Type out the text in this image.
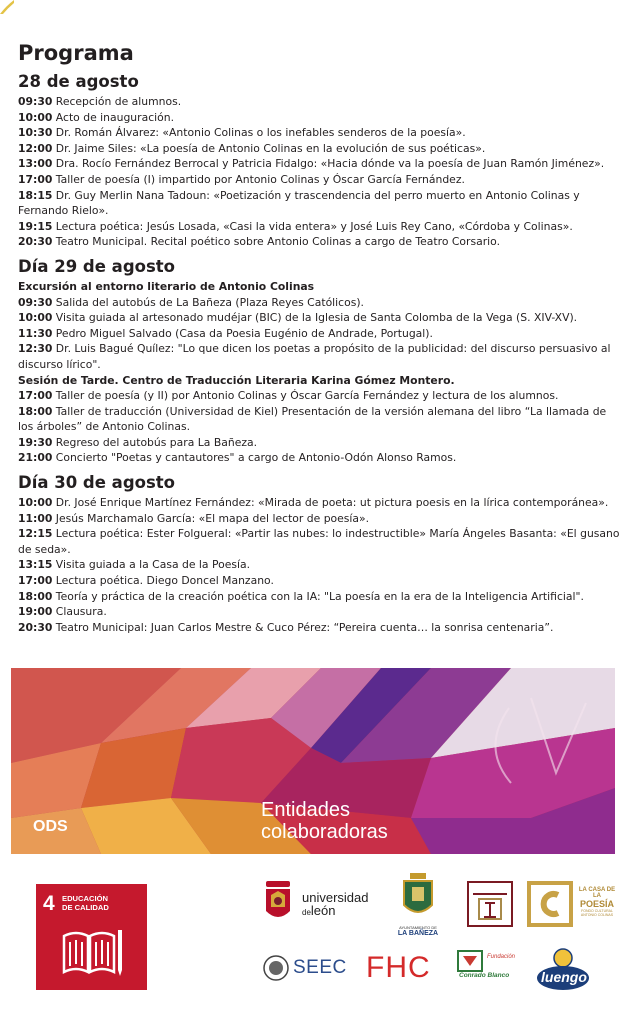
Programa
28 de agosto
09:30 Recepción de alumnos.
10:00 Acto de inauguración.
10:30 Dr. Román Álvarez: «Antonio Colinas o los inefables senderos de la poesía».
12:00 Dr. Jaime Siles: «La poesía de Antonio Colinas en la evolución de sus poéticas».
13:00 Dra. Rocío Fernández Berrocal y Patricia Fidalgo: «Hacia dónde va la poesía de Juan Ramón Jiménez».
17:00 Taller de poesía (I) impartido por Antonio Colinas y Óscar García Fernández.
18:15 Dr. Guy Merlin Nana Tadoun: «Poetización y trascendencia del perro muerto en Antonio Colinas y Fernando Rielo».
19:15 Lectura poética: Jesús Losada, «Casi la vida entera» y José Luis Rey Cano, «Córdoba y Colinas».
20:30 Teatro Municipal. Recital poético sobre Antonio Colinas a cargo de Teatro Corsario.
Día 29 de agosto
Excursión al entorno literario de Antonio Colinas
09:30 Salida del autobús de La Bañeza (Plaza Reyes Católicos).
10:00 Visita guiada al artesonado mudéjar (BIC) de la Iglesia de Santa Colomba de la Vega (S. XIV-XV).
11:30 Pedro Miguel Salvado (Casa da Poesia Eugénio de Andrade, Portugal).
12:30 Dr. Luis Bagué Quílez: "Lo que dicen los poetas a propósito de la publicidad: del discurso persuasivo al discurso lírico".
Sesión de Tarde. Centro de Traducción Literaria Karina Gómez Montero.
17:00 Taller de poesía (y II) por Antonio Colinas y Óscar García Fernández y lectura de los alumnos.
18:00 Taller de traducción (Universidad de Kiel) Presentación de la versión alemana del libro “La llamada de los árboles” de Antonio Colinas.
19:30 Regreso del autobús para La Bañeza.
21:00 Concierto "Poetas y cantautores" a cargo de Antonio-Odón Alonso Ramos.
Día 30 de agosto
10:00 Dr. José Enrique Martínez Fernández: «Mirada de poeta: ut pictura poesis en la lírica contemporánea».
11:00 Jesús Marchamalo García: «El mapa del lector de poesía».
12:15 Lectura poética: Ester Folgueral: «Partir las nubes: lo indestructible» María Ángeles Basanta: «El gusano de seda».
13:15 Visita guiada a la Casa de la Poesía.
17:00 Lectura poética. Diego Doncel Manzano.
18:00 Teoría y práctica de la creación poética con la IA: "La poesía en la era de la Inteligencia Artificial".
19:00 Clausura.
20:30 Teatro Municipal: Juan Carlos Mestre & Cuco Pérez: “Pereira cuenta… la sonrisa centenaria”.
ODS
Entidades
colaboradoras
4 EDUCACIÓN
DE CALIDAD
universidad
deleón
AYUNTAMIENTO DE
LA BAÑEZA
LA CASA DE LA
POESÍA
FONDO CULTURAL
ANTONIO COLINAS
SEEC FHC	Fundación
Conrado Blanco luengo
